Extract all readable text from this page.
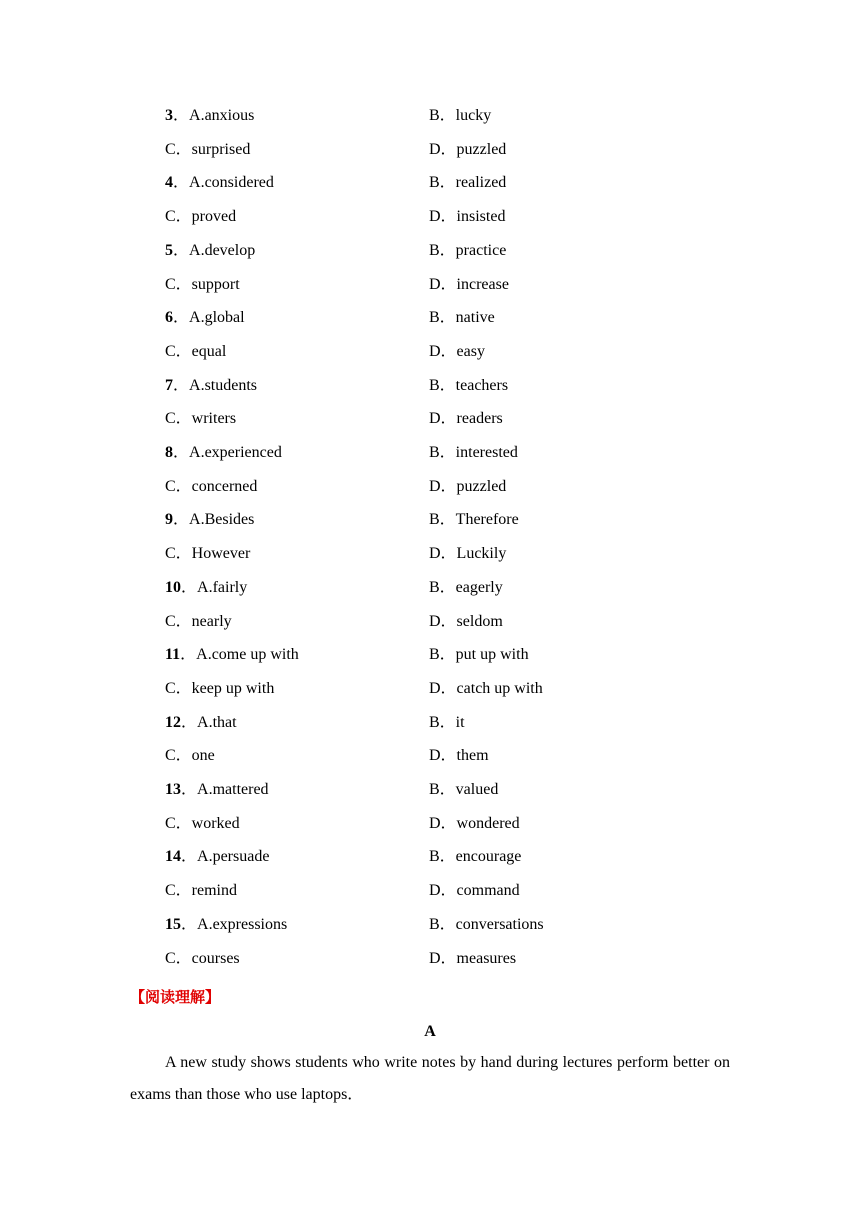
3．A.anxious	B．lucky
C．surprised	D．puzzled
4．A.considered	B．realized
C．proved	D．insisted
5．A.develop	B．practice
C．support	D．increase
6．A.global	B．native
C．equal	D．easy
7．A.students	B．teachers
C．writers	D．readers
8．A.experienced	B．interested
C．concerned	D．puzzled
9．A.Besides	B．Therefore
C．However	D．Luckily
10．A.fairly	B．eagerly
C．nearly	D．seldom
11．A.come up with	B．put up with
C．keep up with	D．catch up with
12．A.that	B．it
C．one	D．them
13．A.mattered	B．valued
C．worked	D．wondered
14．A.persuade	B．encourage
C．remind	D．command
15．A.expressions	B．conversations
C．courses	D．measures
【阅读理解】
A

A new study shows students who write notes by hand during lectures perform better on exams than those who use laptops．
